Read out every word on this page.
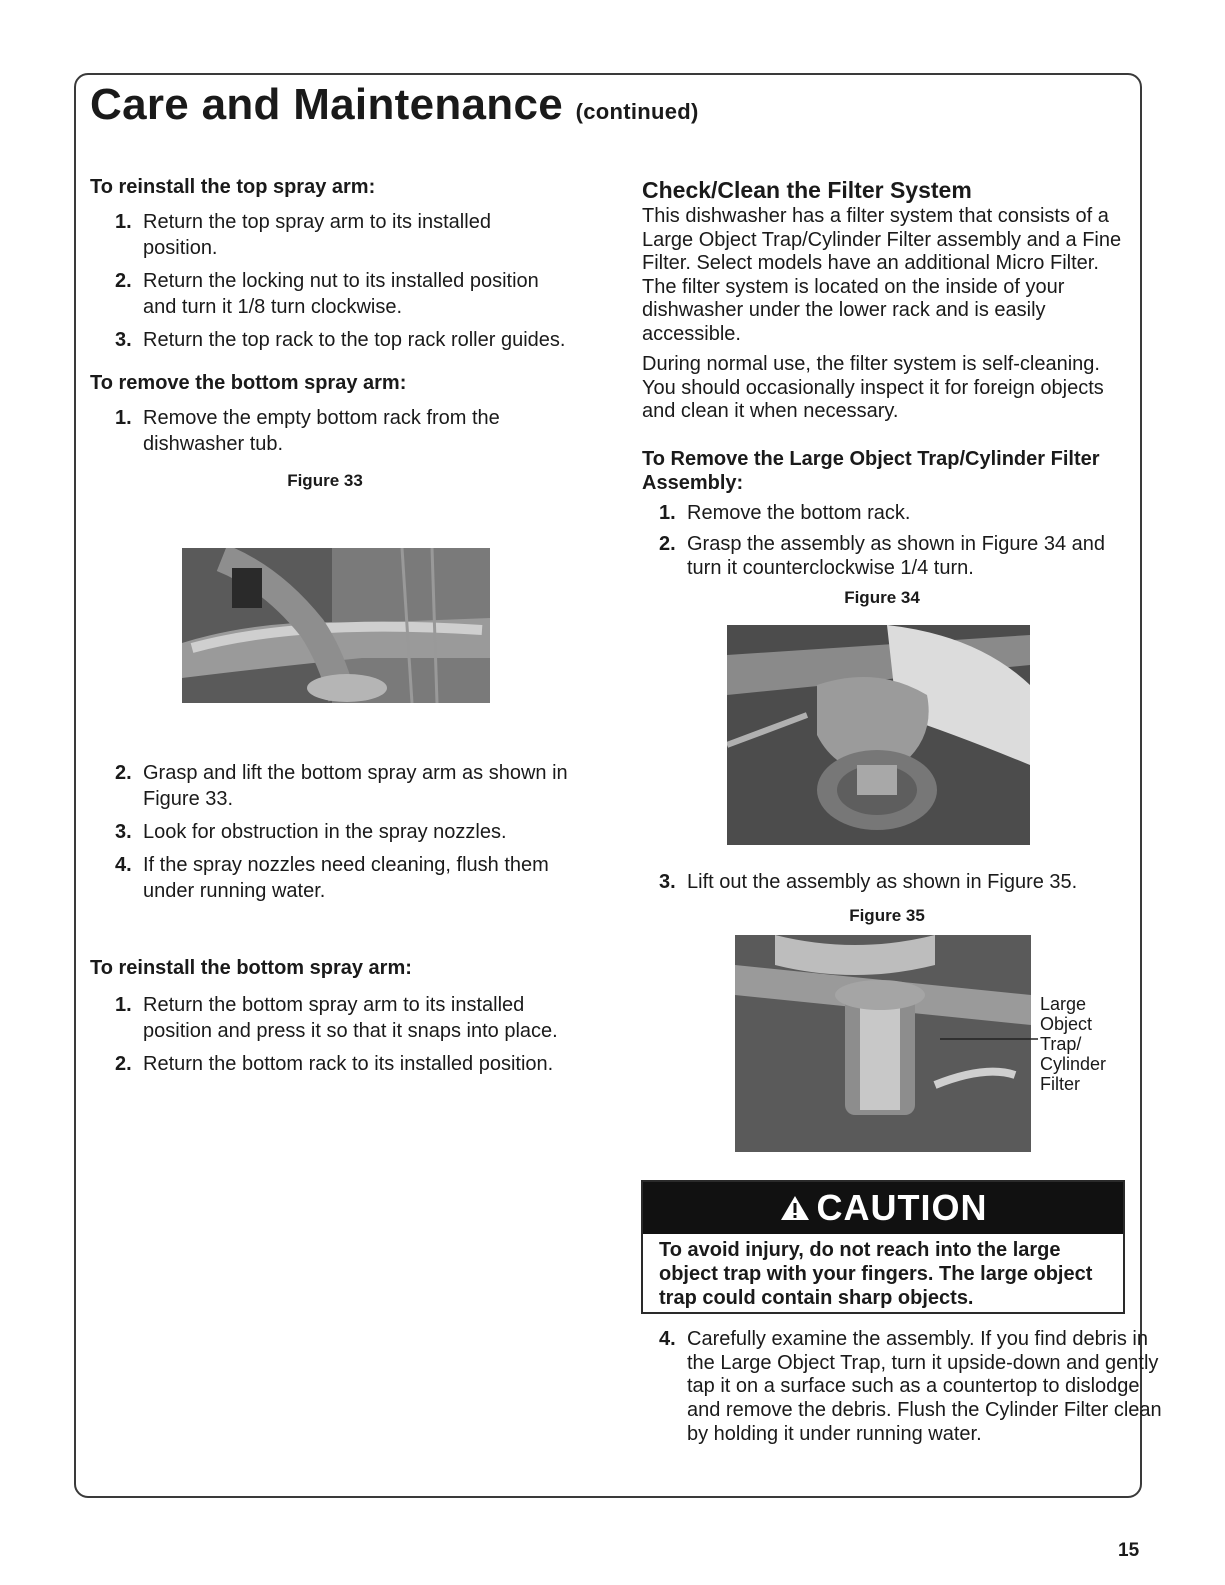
Care and Maintenance (continued)
To reinstall the top spray arm:
1. Return the top spray arm to its installed position.
2. Return the locking nut to its installed position and turn it 1/8 turn clockwise.
3. Return the top rack to the top rack roller guides.
To remove the bottom spray arm:
1. Remove the empty bottom rack from the dishwasher tub.
Figure 33
2. Grasp and lift the bottom spray arm as shown in Figure 33.
3. Look for obstruction in the spray nozzles.
4. If the spray nozzles need cleaning, flush them under running water.
To reinstall the bottom spray arm:
1. Return the bottom spray arm to its installed position and press it so that it snaps into place.
2. Return the bottom rack to its installed position.
Check/Clean the Filter System

This dishwasher has a filter system that consists of a Large Object Trap/Cylinder Filter assembly and a Fine Filter. Select models have an additional Micro Filter. The filter system is located on the inside of your dishwasher under the lower rack and is easily accessible.

During normal use, the filter system is self-cleaning. You should occasionally inspect it for foreign objects and clean it when necessary.

To Remove the Large Object Trap/Cylinder Filter Assembly:
1. Remove the bottom rack.
2. Grasp the assembly as shown in Figure 34 and turn it counterclockwise 1/4 turn.
Figure 34
3. Lift out the assembly as shown in Figure 35.
Figure 35
Large
Object
Trap/
Cylinder
Filter
CAUTION
To avoid injury, do not reach into the large object trap with your fingers. The large object trap could contain sharp objects.
4. Carefully examine the assembly. If you find debris in the Large Object Trap, turn it upside-down and gently tap it on a surface such as a countertop to dislodge and remove the debris. Flush the Cylinder Filter clean by holding it under running water.
15
